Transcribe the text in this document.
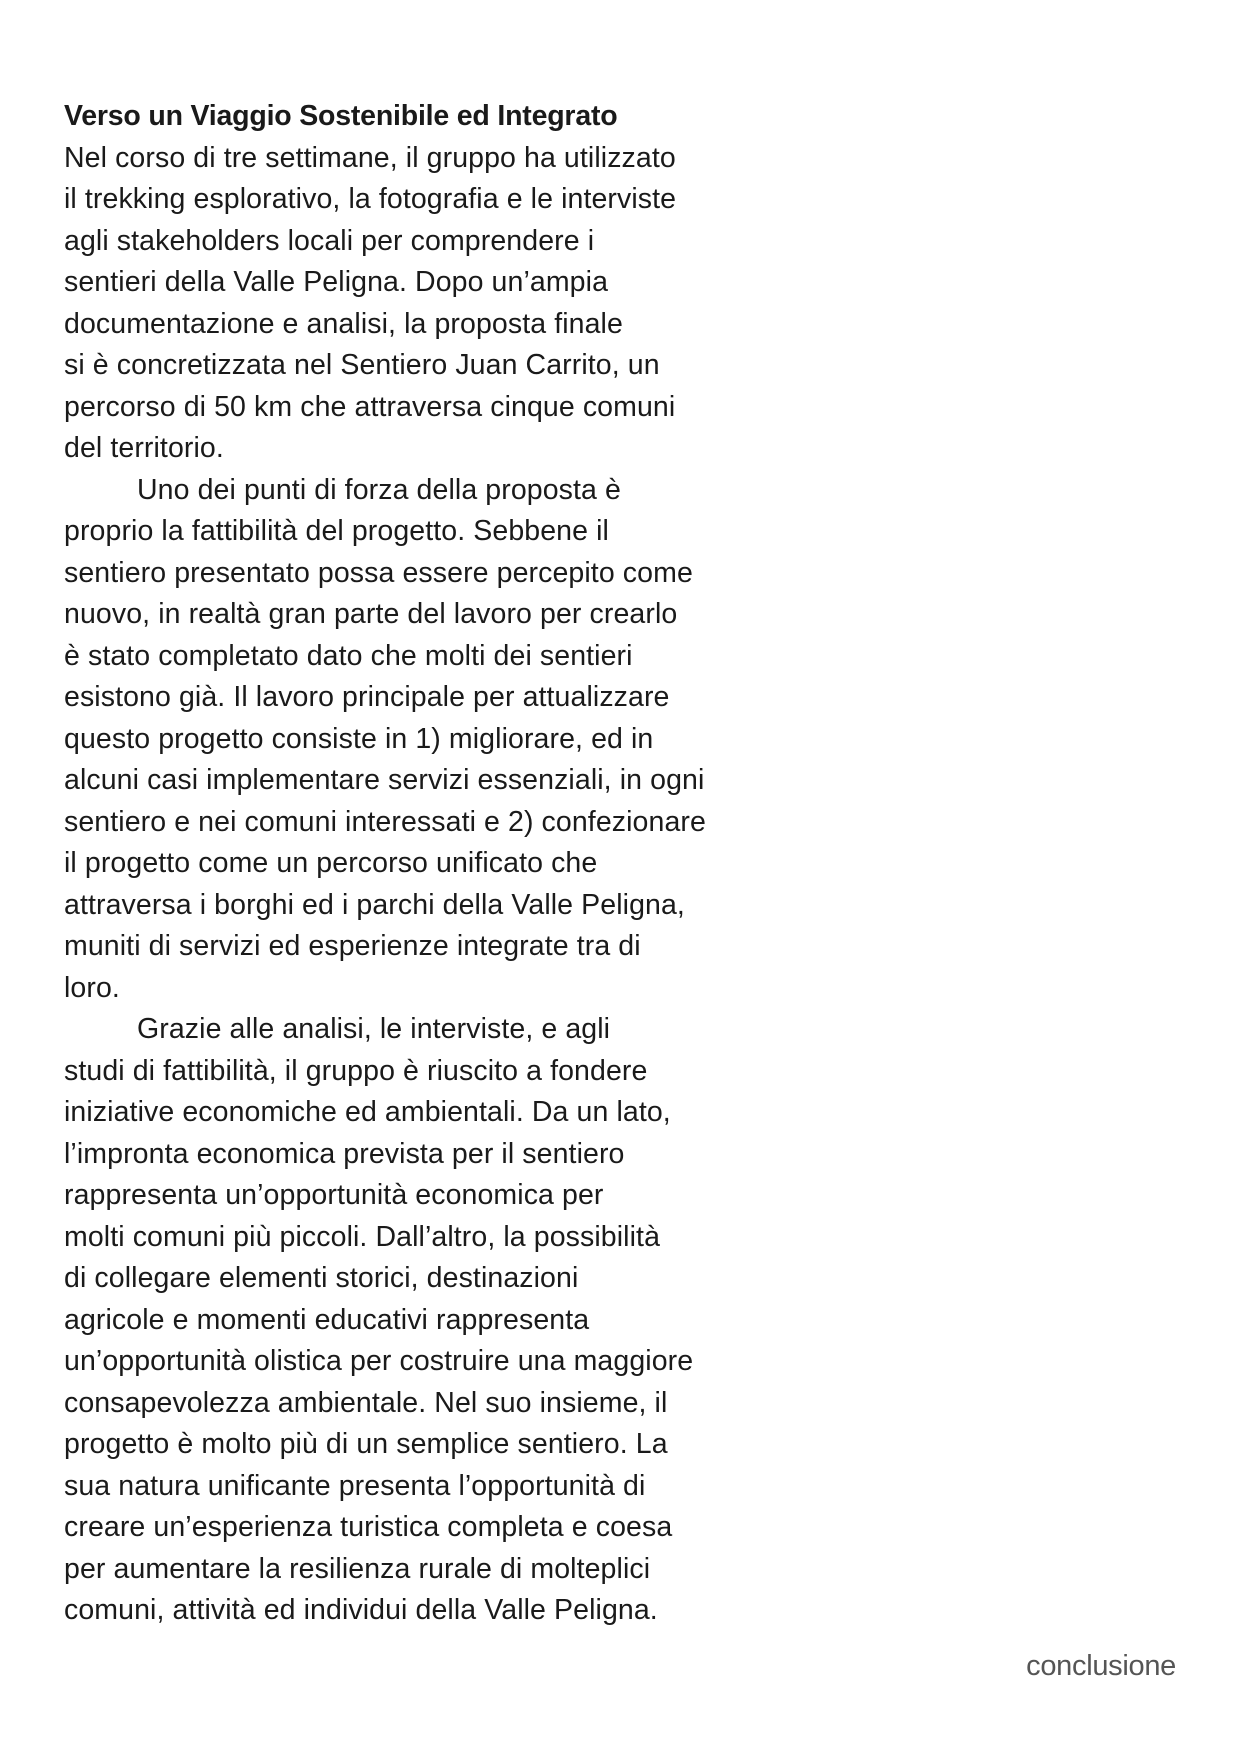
Verso un Viaggio Sostenibile ed Integrato

Nel corso di tre settimane, il gruppo ha utilizzato
il trekking esplorativo, la fotografia e le interviste
agli stakeholders locali per comprendere i
sentieri della Valle Peligna. Dopo un’ampia
documentazione e analisi, la proposta finale
si è concretizzata nel Sentiero Juan Carrito, un
percorso di 50 km che attraversa cinque comuni
del territorio.

Uno dei punti di forza della proposta è
proprio la fattibilità del progetto. Sebbene il
sentiero presentato possa essere percepito come
nuovo, in realtà gran parte del lavoro per crearlo
è stato completato dato che molti dei sentieri
esistono già. Il lavoro principale per attualizzare
questo progetto consiste in 1) migliorare, ed in
alcuni casi implementare servizi essenziali, in ogni
sentiero e nei comuni interessati e 2) confezionare
il progetto come un percorso unificato che
attraversa i borghi ed i parchi della Valle Peligna,
muniti di servizi ed esperienze integrate tra di
loro.

Grazie alle analisi, le interviste, e agli
studi di fattibilità, il gruppo è riuscito a fondere
iniziative economiche ed ambientali. Da un lato,
l’impronta economica prevista per il sentiero
rappresenta un’opportunità economica per
molti comuni più piccoli. Dall’altro, la possibilità
di collegare elementi storici, destinazioni
agricole e momenti educativi rappresenta
un’opportunità olistica per costruire una maggiore
consapevolezza ambientale. Nel suo insieme, il
progetto è molto più di un semplice sentiero. La
sua natura unificante presenta l’opportunità di
creare un’esperienza turistica completa e coesa
per aumentare la resilienza rurale di molteplici
comuni, attività ed individui della Valle Peligna.

conclusione
